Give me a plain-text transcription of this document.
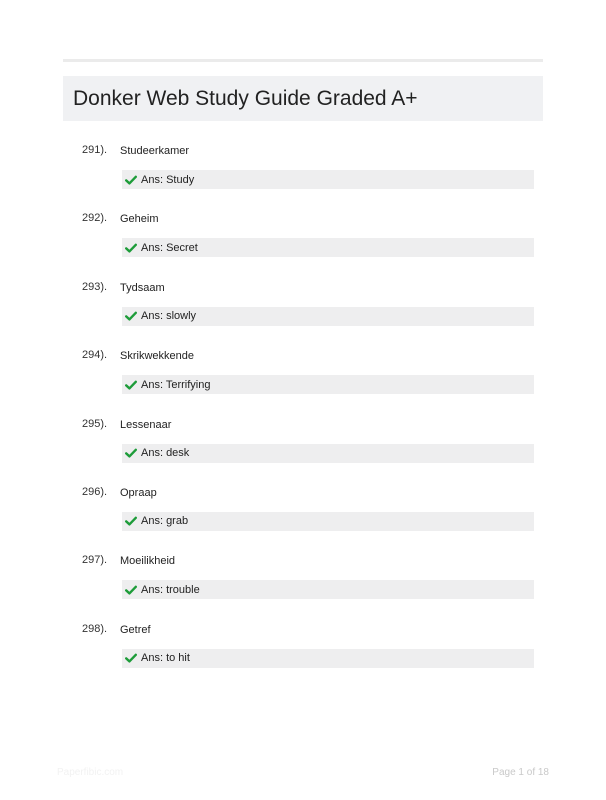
Donker Web Study Guide Graded A+
291). Studeerkamer
Ans: Study
292). Geheim
Ans: Secret
293). Tydsaam
Ans: slowly
294). Skrikwekkende
Ans: Terrifying
295). Lessenaar
Ans: desk
296). Opraap
Ans: grab
297). Moeilikheid
Ans: trouble
298). Getref
Ans: to hit
Paperfibic.com	Page 1 of 18
